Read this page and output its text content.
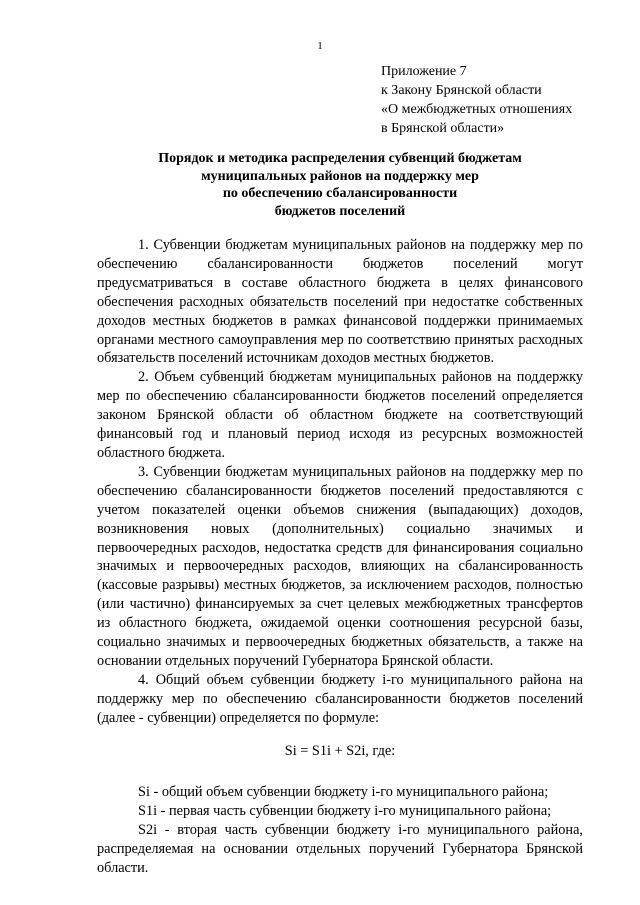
1
Приложение 7
к Закону Брянской области
«О межбюджетных отношениях
в Брянской области»
Порядок и методика распределения субвенций бюджетам
муниципальных районов на поддержку мер
по обеспечению сбалансированности
бюджетов поселений

1. Субвенции бюджетам муниципальных районов на поддержку мер по обеспечению сбалансированности бюджетов поселений могут предусматриваться в составе областного бюджета в целях финансового обеспечения расходных обязательств поселений при недостатке собственных доходов местных бюджетов в рамках финансовой поддержки принимаемых органами местного самоуправления мер по соответствию принятых расходных обязательств поселений источникам доходов местных бюджетов.

2. Объем субвенций бюджетам муниципальных районов на поддержку мер по обеспечению сбалансированности бюджетов поселений определяется законом Брянской области об областном бюджете на соответствующий финансовый год и плановый период исходя из ресурсных возможностей областного бюджета.

3. Субвенции бюджетам муниципальных районов на поддержку мер по обеспечению сбалансированности бюджетов поселений предоставляются с учетом показателей оценки объемов снижения (выпадающих) доходов, возникновения новых (дополнительных) социально значимых и первоочередных расходов, недостатка средств для финансирования социально значимых и первоочередных расходов, влияющих на сбалансированность (кассовые разрывы) местных бюджетов, за исключением расходов, полностью (или частично) финансируемых за счет целевых межбюджетных трансфертов из областного бюджета, ожидаемой оценки соотношения ресурсной базы, социально значимых и первоочередных бюджетных обязательств, а также на основании отдельных поручений Губернатора Брянской области.

4. Общий объем субвенции бюджету i-го муниципального района на поддержку мер по обеспечению сбалансированности бюджетов поселений (далее - субвенции) определяется по формуле:

Si = S1i + S2i, где:

Si - общий объем субвенции бюджету i-го муниципального района;

S1i - первая часть субвенции бюджету i-го муниципального района;

S2i - вторая часть субвенции бюджету i-го муниципального района, распределяемая на основании отдельных поручений Губернатора Брянской области.
